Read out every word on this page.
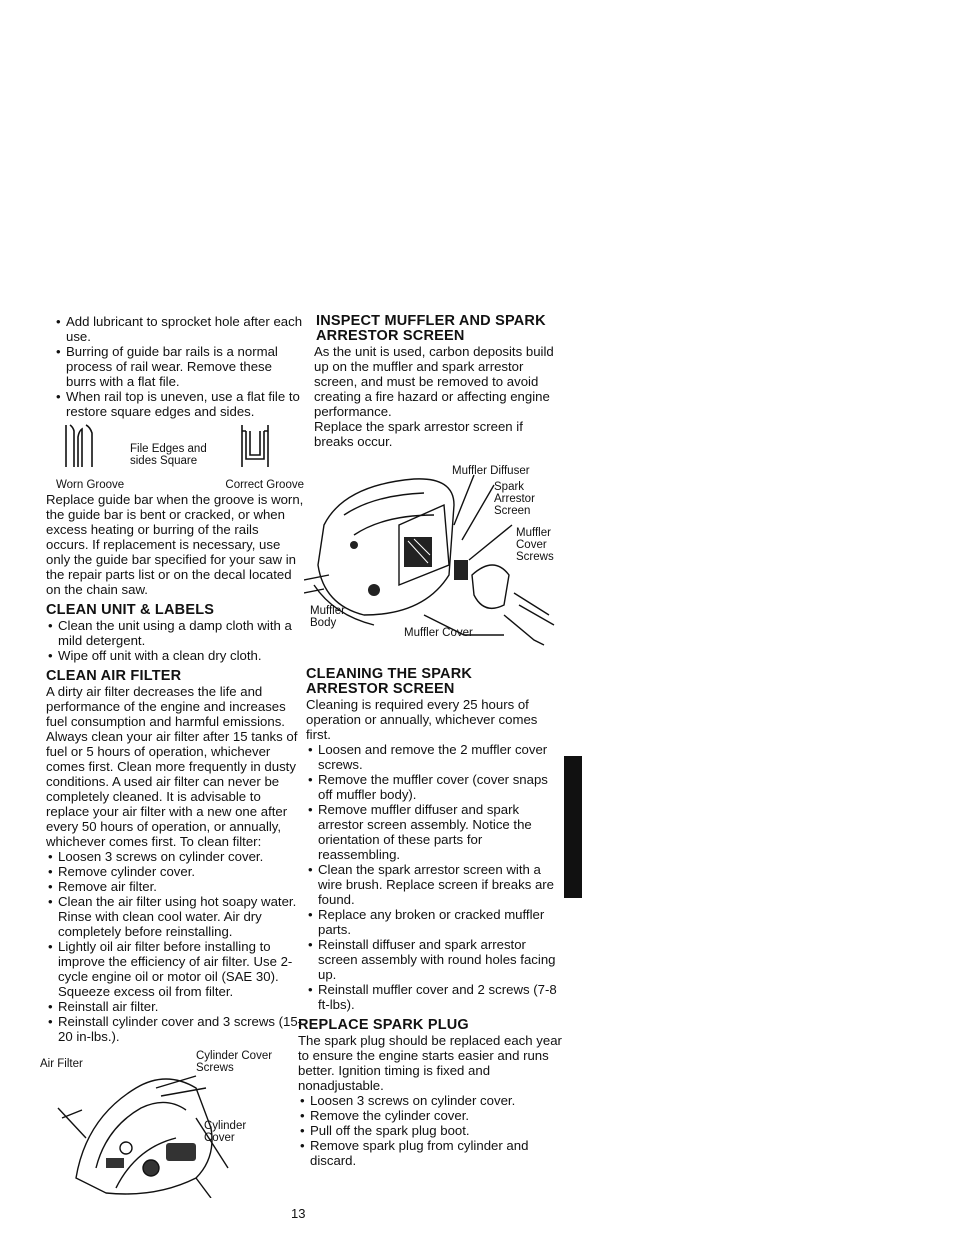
• Add lubricant to sprocket hole after each use.
• Burring of guide bar rails is a normal process of rail wear. Remove these burrs with a flat file.
• When rail top is uneven, use a flat file to restore square edges and sides.
File Edges and sides Square
Worn Groove	Correct Groove

Replace guide bar when the groove is worn, the guide bar is bent or cracked, or when excess heating or burring of the rails occurs. If replacement is necessary, use only the guide bar specified for your saw in the repair parts list or on the decal located on the chain saw.

CLEAN UNIT & LABELS
• Clean the unit using a damp cloth with a mild detergent.
• Wipe off unit with a clean dry cloth.
CLEAN AIR FILTER

A dirty air filter decreases the life and performance of the engine and increases fuel consumption and harmful emissions. Always clean your air filter after 15 tanks of fuel or 5 hours of operation, whichever comes first. Clean more frequently in dusty conditions. A used air filter can never be completely cleaned. It is advisable to replace your air filter with a new one after every 50 hours of operation, or annually, whichever comes first. To clean filter:

• Loosen 3 screws on cylinder cover.
• Remove cylinder cover.
• Remove air filter.
• Clean the air filter using hot soapy water. Rinse with clean cool water. Air dry completely before reinstalling.
• Lightly oil air filter before installing to improve the efficiency of air filter. Use 2-cycle engine oil or motor oil (SAE 30). Squeeze excess oil from filter.
• Reinstall air filter.
• Reinstall cylinder cover and 3 screws (15-20 in-lbs.).
Air Filter
Cylinder Cover Screws
Cylinder Cover
INSPECT MUFFLER AND SPARK ARRESTOR SCREEN

As the unit is used, carbon deposits build up on the muffler and spark arrestor screen, and must be removed to avoid creating a fire hazard or affecting engine performance.

Replace the spark arrestor screen if breaks occur.

Muffler Diffuser
Spark Arrestor Screen
Muffler Cover Screws
Muffler Body
Muffler Cover
CLEANING THE SPARK ARRESTOR SCREEN

Cleaning is required every 25 hours of operation or annually, whichever comes first.

• Loosen and remove the 2 muffler cover screws.
• Remove the muffler cover (cover snaps off muffler body).
• Remove muffler diffuser and spark arrestor screen assembly. Notice the orientation of these parts for reassembling.
• Clean the spark arrestor screen with a wire brush. Replace screen if breaks are found.
• Replace any broken or cracked muffler parts.
• Reinstall diffuser and spark arrestor screen assembly with round holes facing up.
• Reinstall muffler cover and 2 screws (7-8 ft-lbs).
REPLACE SPARK PLUG

The spark plug should be replaced each year to ensure the engine starts easier and runs better. Ignition timing is fixed and nonadjustable.

• Loosen 3 screws on cylinder cover.
• Remove the cylinder cover.
• Pull off the spark plug boot.
• Remove spark plug from cylinder and discard.
13
